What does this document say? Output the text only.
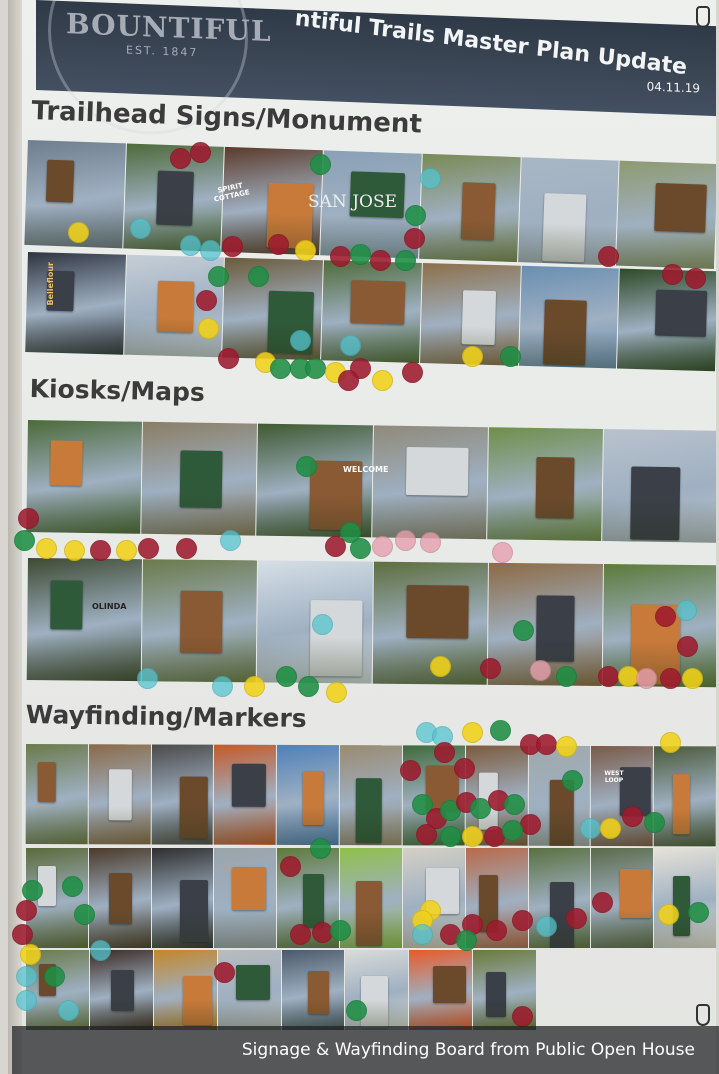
BOUNTIFUL
EST. 1847	ntiful Trails Master Plan Update
04.11.19
Trailhead Signs/Monument
Kiosks/Maps
Wayfinding/Markers
SPIRIT COTTAGE	SAN JOSE
Belleflour
WELCOME
OLINDA
WEST LOOP
Signage & Wayfinding Board from Public Open House
